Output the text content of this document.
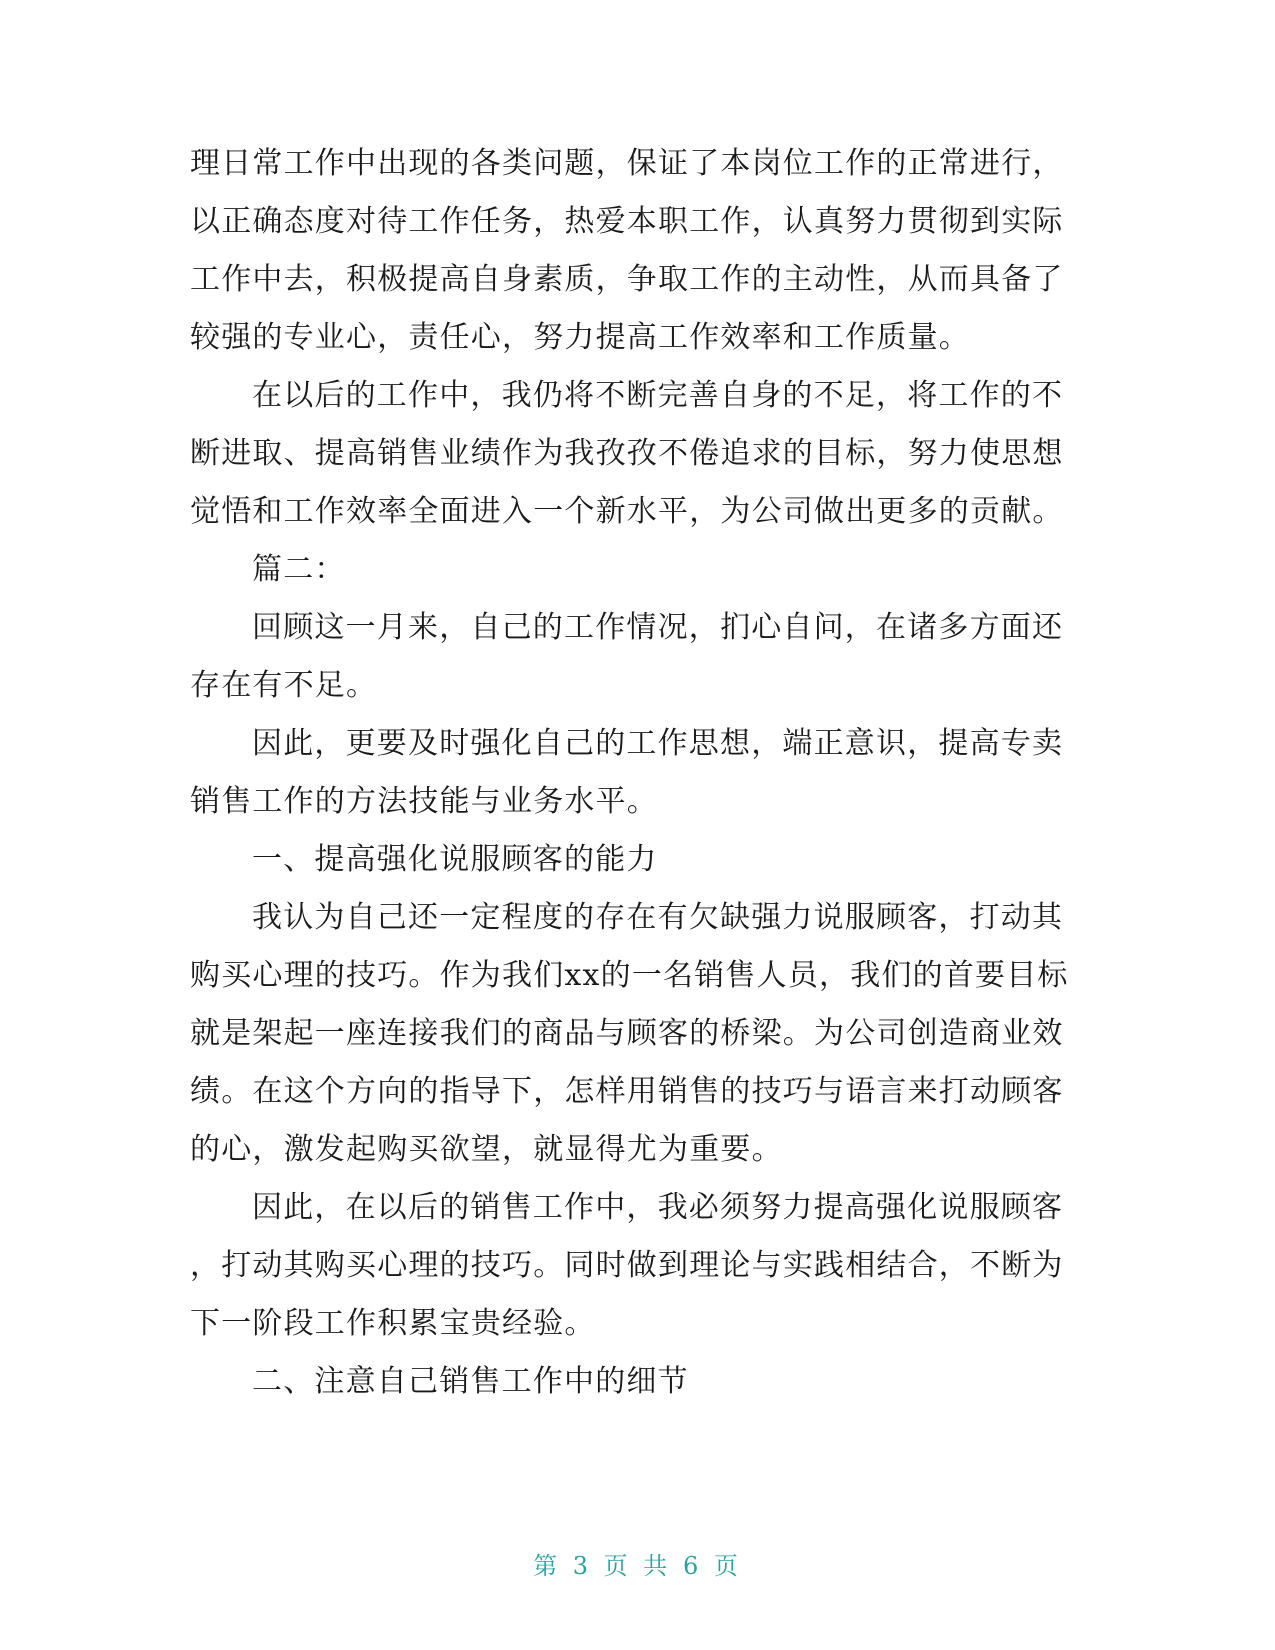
理日常工作中出现的各类问题，保证了本岗位工作的正常进行，
以正确态度对待工作任务，热爱本职工作，认真努力贯彻到实际
工作中去，积极提高自身素质，争取工作的主动性，从而具备了
较强的专业心，责任心，努力提高工作效率和工作质量。
在以后的工作中，我仍将不断完善自身的不足，将工作的不
断进取、提高销售业绩作为我孜孜不倦追求的目标，努力使思想
觉悟和工作效率全面进入一个新水平，为公司做出更多的贡献。
篇二：
回顾这一月来，自己的工作情况，扪心自问，在诸多方面还
存在有不足。
因此，更要及时强化自己的工作思想，端正意识，提高专卖
销售工作的方法技能与业务水平。
一、提高强化说服顾客的能力
我认为自己还一定程度的存在有欠缺强力说服顾客，打动其
购买心理的技巧。作为我们xx的一名销售人员，我们的首要目标
就是架起一座连接我们的商品与顾客的桥梁。为公司创造商业效
绩。在这个方向的指导下，怎样用销售的技巧与语言来打动顾客
的心，激发起购买欲望，就显得尤为重要。
因此，在以后的销售工作中，我必须努力提高强化说服顾客
，打动其购买心理的技巧。同时做到理论与实践相结合，不断为
下一阶段工作积累宝贵经验。
二、注意自己销售工作中的细节
第 3 页 共 6 页
